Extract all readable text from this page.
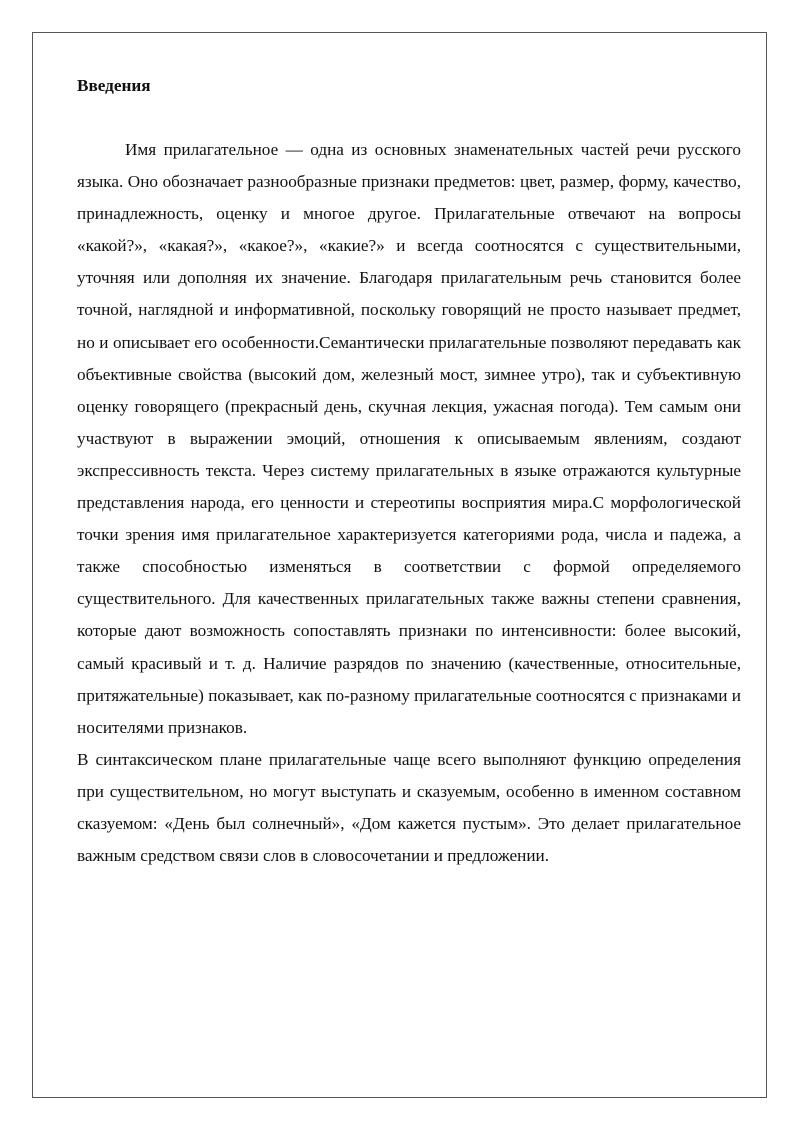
Введения

Имя прилагательное — одна из основных знаменательных частей речи русского языка. Оно обозначает разнообразные признаки предметов: цвет, размер, форму, качество, принадлежность, оценку и многое другое. Прилагательные отвечают на вопросы «какой?», «какая?», «какое?», «какие?» и всегда соотносятся с существительными, уточняя или дополняя их значение. Благодаря прилагательным речь становится более точной, наглядной и информативной, поскольку говорящий не просто называет предмет, но и описывает его особенности.Семантически прилагательные позволяют передавать как объективные свойства (высокий дом, железный мост, зимнее утро), так и субъективную оценку говорящего (прекрасный день, скучная лекция, ужасная погода). Тем самым они участвуют в выражении эмоций, отношения к описываемым явлениям, создают экспрессивность текста. Через систему прилагательных в языке отражаются культурные представления народа, его ценности и стереотипы восприятия мира.С морфологической точки зрения имя прилагательное характеризуется категориями рода, числа и падежа, а также способностью изменяться в соответствии с формой определяемого существительного. Для качественных прилагательных также важны степени сравнения, которые дают возможность сопоставлять признаки по интенсивности: более высокий, самый красивый и т. д. Наличие разрядов по значению (качественные, относительные, притяжательные) показывает, как по-разному прилагательные соотносятся с признаками и носителями признаков.

В синтаксическом плане прилагательные чаще всего выполняют функцию определения при существительном, но могут выступать и сказуемым, особенно в именном составном сказуемом: «День был солнечный», «Дом кажется пустым». Это делает прилагательное важным средством связи слов в словосочетании и предложении.
